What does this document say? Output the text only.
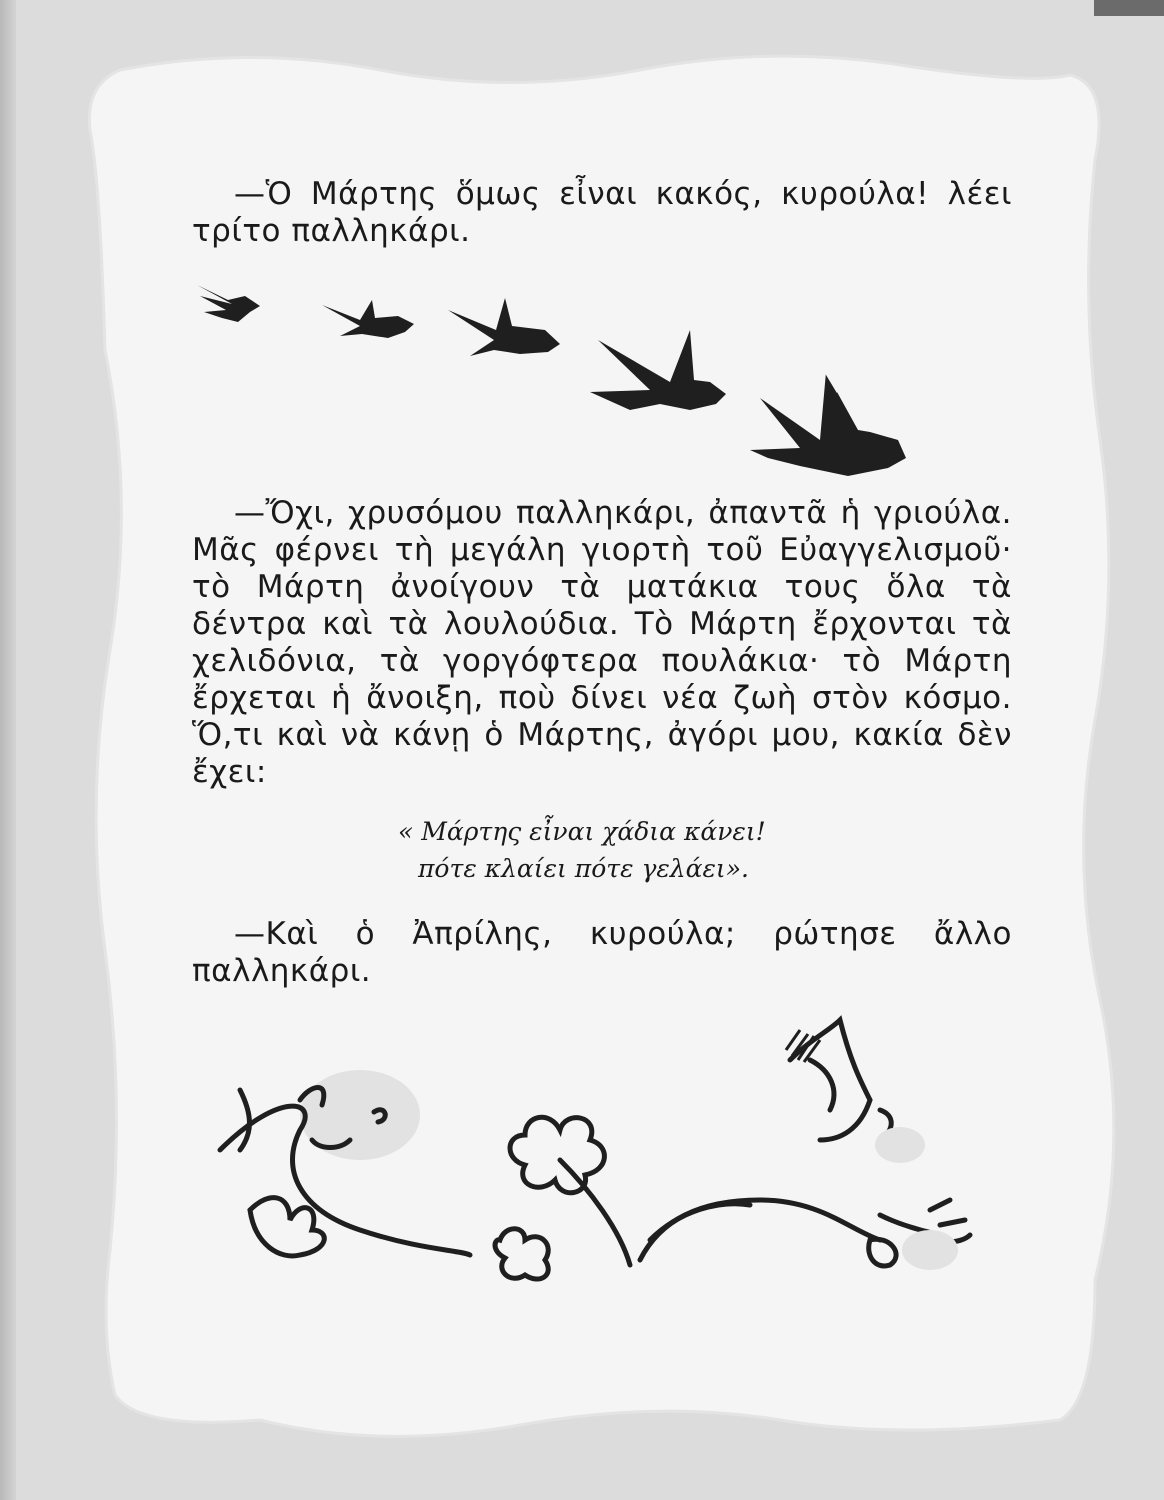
—Ὁ Μάρτης ὅμως εἶναι κακός, κυρούλα! λέει τρίτο παλληκάρι.
—Ὄχι, χρυσόμου παλληκάρι, ἀπαντᾶ ἡ γριούλα. Μᾶς φέρνει τὴ μεγάλη γιορτὴ τοῦ Εὐαγγελισμοῦ· τὸ Μάρτη ἀνοίγουν τὰ ματάκια τους ὅλα τὰ δέντρα καὶ τὰ λουλούδια. Τὸ Μάρτη ἔρχονται τὰ χελιδόνια, τὰ γοργόφτερα πουλάκια· τὸ Μάρτη ἔρχεται ἡ ἄνοιξη, ποὺ δίνει νέα ζωὴ στὸν κόσμο. Ὅ,τι καὶ νὰ κάνῃ ὁ Μάρτης, ἀγόρι μου, κακία δὲν ἔχει:
« Μάρτης εἶναι χάδια κάνει!
πότε κλαίει πότε γελάει».
—Καὶ ὁ Ἀπρίλης, κυρούλα; ρώτησε ἄλλο παλληκάρι.
